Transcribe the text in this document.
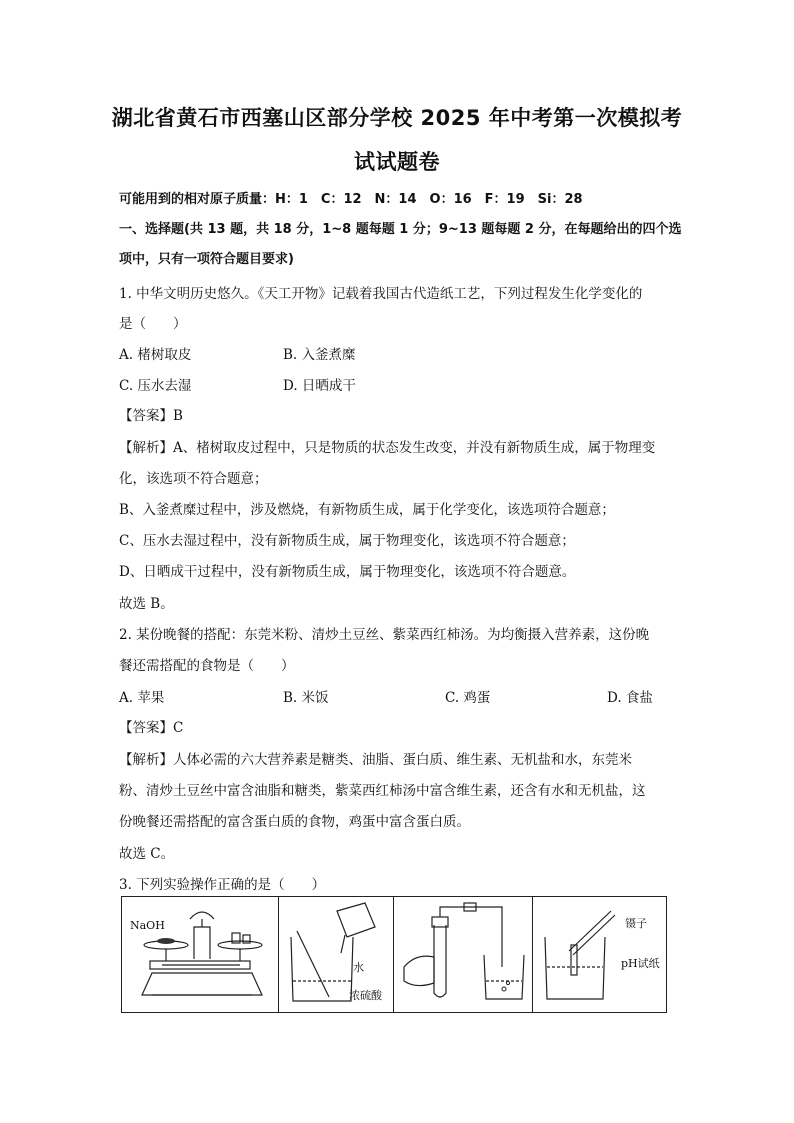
湖北省黄石市西塞山区部分学校 2025 年中考第一次模拟考
试试题卷
可能用到的相对原子质量：H：1　C：12　N：14　O：16　F：19　Si：28
一、选择题(共 13 题，共 18 分，1~8 题每题 1 分；9~13 题每题 2 分，在每题给出的四个选
项中，只有一项符合题目要求)
1. 中华文明历史悠久。《天工开物》记载着我国古代造纸工艺，下列过程发生化学变化的
是（　　）
A. 楮树取皮	B. 入釜煮糜
C. 压水去湿	D. 日晒成干
【答案】B
【解析】A、楮树取皮过程中，只是物质的状态发生改变，并没有新物质生成，属于物理变
化，该选项不符合题意；
B、入釜煮糜过程中，涉及燃烧，有新物质生成，属于化学变化，该选项符合题意；
C、压水去湿过程中，没有新物质生成，属于物理变化，该选项不符合题意；
D、日晒成干过程中，没有新物质生成，属于物理变化，该选项不符合题意。
故选 B。
2. 某份晚餐的搭配：东莞米粉、清炒土豆丝、紫菜西红柿汤。为均衡摄入营养素，这份晚
餐还需搭配的食物是（　　）
A. 苹果	B. 米饭	C. 鸡蛋	D. 食盐
【答案】C
【解析】人体必需的六大营养素是糖类、油脂、蛋白质、维生素、无机盐和水，东莞米
粉、清炒土豆丝中富含油脂和糖类，紫菜西红柿汤中富含维生素，还含有水和无机盐，这
份晚餐还需搭配的富含蛋白质的食物，鸡蛋中富含蛋白质。
故选 C。
3. 下列实验操作正确的是（　　）
NaOH
水
浓硫酸
镊子
pH试纸
